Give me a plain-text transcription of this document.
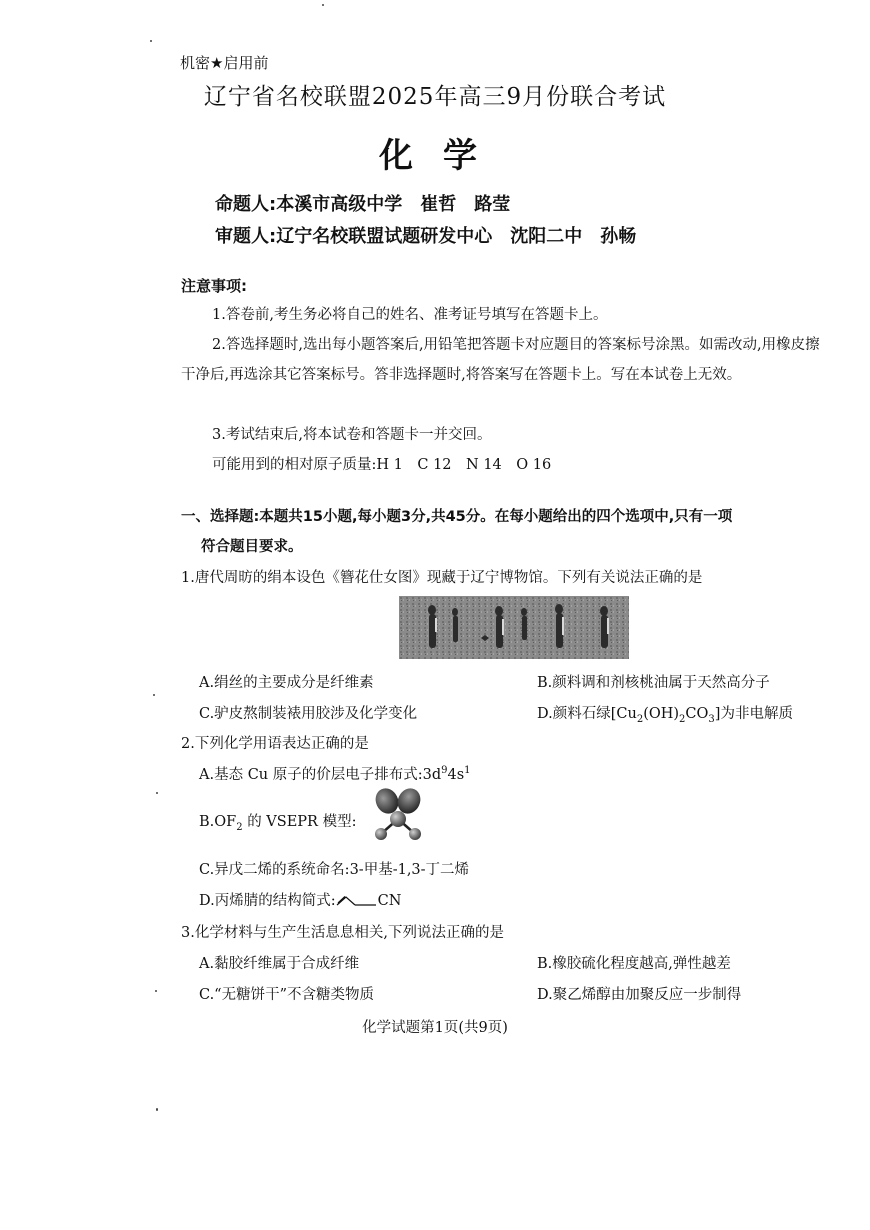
机密★启用前
辽宁省名校联盟2025年高三9月份联合考试
化学
命题人:本溪市高级中学　崔哲　路莹
审题人:辽宁名校联盟试题研发中心　沈阳二中　孙畅
注意事项:
1.答卷前,考生务必将自己的姓名、准考证号填写在答题卡上。
2.答选择题时,选出每小题答案后,用铅笔把答题卡对应题目的答案标号涂黑。如需改动,用橡皮擦干净后,再选涂其它答案标号。答非选择题时,将答案写在答题卡上。写在本试卷上无效。
3.考试结束后,将本试卷和答题卡一并交回。
可能用到的相对原子质量:H 1　C 12　N 14　O 16
一、选择题:本题共15小题,每小题3分,共45分。在每小题给出的四个选项中,只有一项
符合题目要求。
1.唐代周昉的绢本设色《簪花仕女图》现藏于辽宁博物馆。下列有关说法正确的是
A.绢丝的主要成分是纤维素	B.颜料调和剂核桃油属于天然高分子
C.驴皮熬制装裱用胶涉及化学变化	D.颜料石绿$[Cu_2(OH)_2CO_3]$为非电解质
2.下列化学用语表达正确的是
A.基态 Cu 原子的价层电子排布式$:3d^94s^1$
$B.OF_2$ 的 VSEPR 模型:
C.异戊二烯的系统命名:3-甲基-1,3-丁二烯
D.丙烯腈的结构简式:	CN
3.化学材料与生产生活息息相关,下列说法正确的是
A.黏胶纤维属于合成纤维	B.橡胶硫化程度越高,弹性越差
C.“无糖饼干”不含糖类物质	D.聚乙烯醇由加聚反应一步制得
化学试题第1页(共9页)
